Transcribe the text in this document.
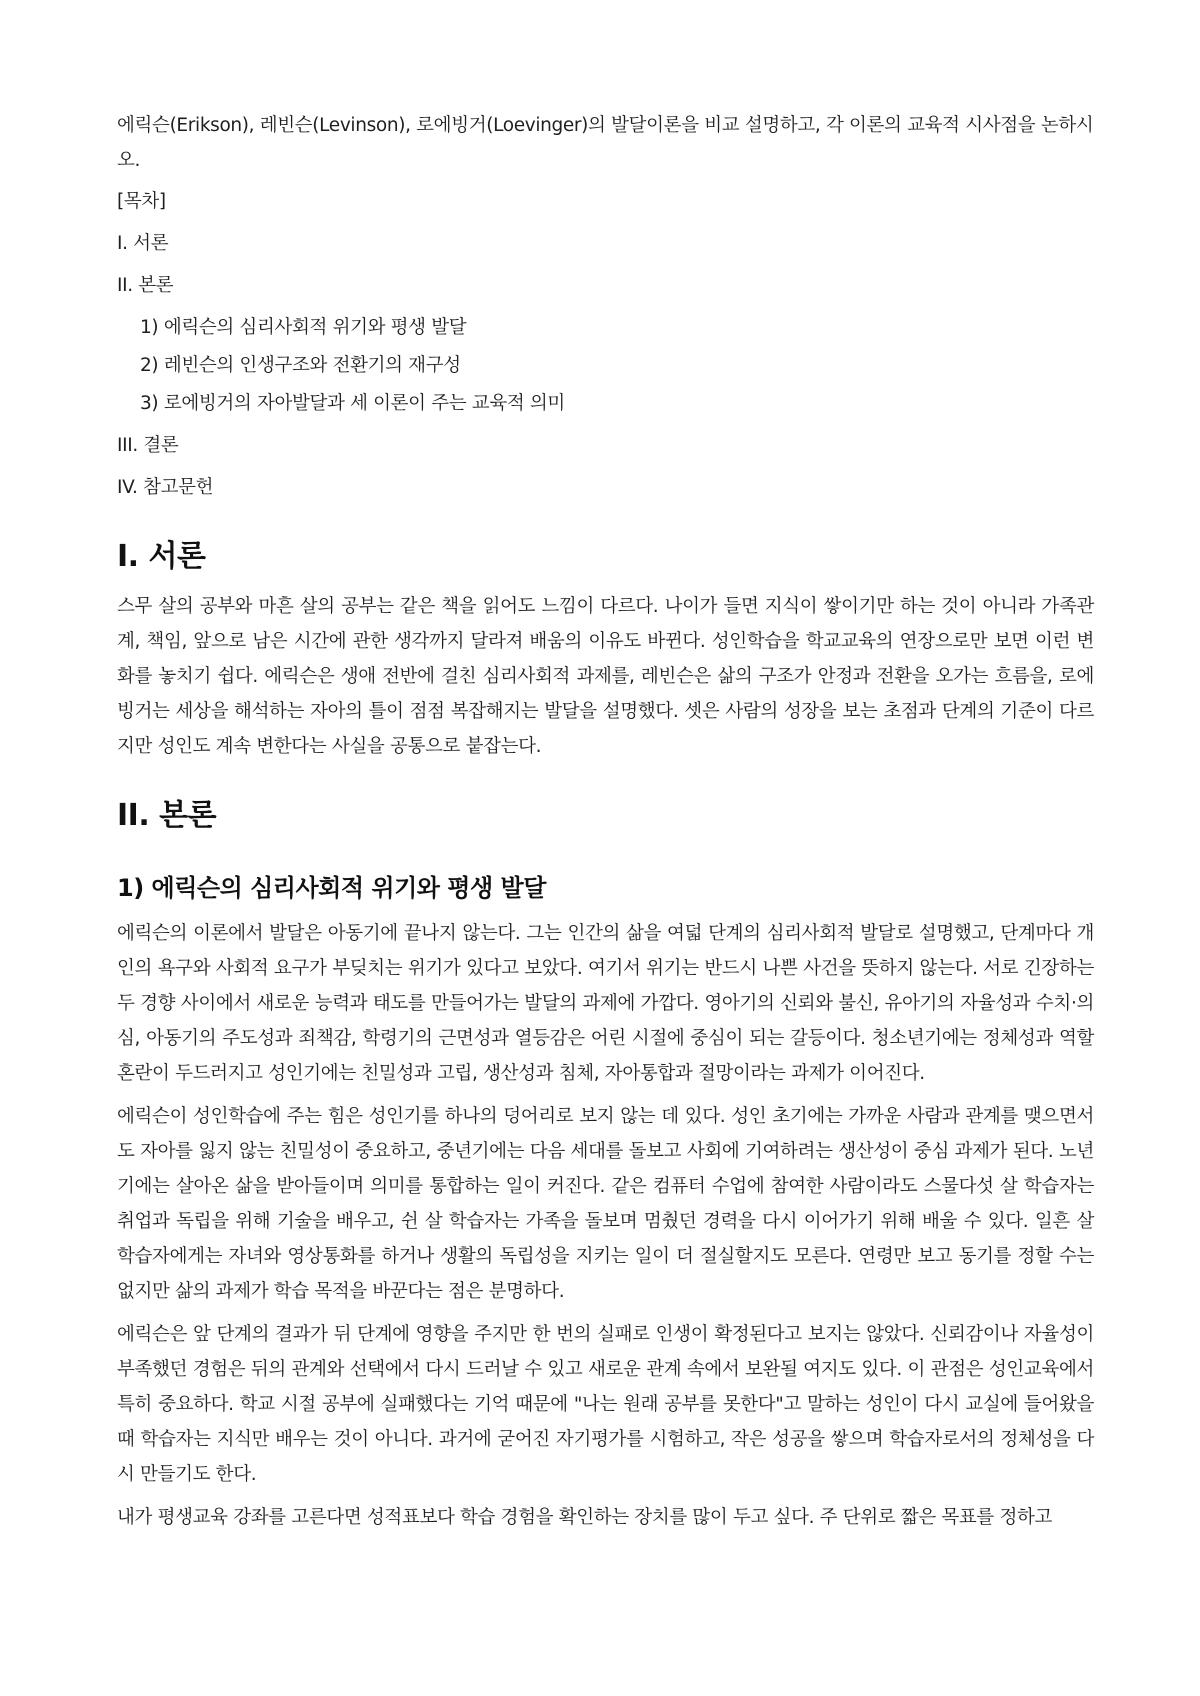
에릭슨(Erikson), 레빈슨(Levinson), 로에빙거(Loevinger)의 발달이론을 비교 설명하고, 각 이론의 교육적 시사점을 논하시오.

[목차]
I. 서론
II. 본론
1) 에릭슨의 심리사회적 위기와 평생 발달
2) 레빈슨의 인생구조와 전환기의 재구성
3) 로에빙거의 자아발달과 세 이론이 주는 교육적 의미
III. 결론
IV. 참고문헌
I. 서론

스무 살의 공부와 마흔 살의 공부는 같은 책을 읽어도 느낌이 다르다. 나이가 들면 지식이 쌓이기만 하는 것이 아니라 가족관계, 책임, 앞으로 남은 시간에 관한 생각까지 달라져 배움의 이유도 바뀐다. 성인학습을 학교교육의 연장으로만 보면 이런 변화를 놓치기 쉽다. 에릭슨은 생애 전반에 걸친 심리사회적 과제를, 레빈슨은 삶의 구조가 안정과 전환을 오가는 흐름을, 로에빙거는 세상을 해석하는 자아의 틀이 점점 복잡해지는 발달을 설명했다. 셋은 사람의 성장을 보는 초점과 단계의 기준이 다르지만 성인도 계속 변한다는 사실을 공통으로 붙잡는다.

II. 본론
1) 에릭슨의 심리사회적 위기와 평생 발달

에릭슨의 이론에서 발달은 아동기에 끝나지 않는다. 그는 인간의 삶을 여덟 단계의 심리사회적 발달로 설명했고, 단계마다 개인의 욕구와 사회적 요구가 부딪치는 위기가 있다고 보았다. 여기서 위기는 반드시 나쁜 사건을 뜻하지 않는다. 서로 긴장하는 두 경향 사이에서 새로운 능력과 태도를 만들어가는 발달의 과제에 가깝다. 영아기의 신뢰와 불신, 유아기의 자율성과 수치·의심, 아동기의 주도성과 죄책감, 학령기의 근면성과 열등감은 어린 시절에 중심이 되는 갈등이다. 청소년기에는 정체성과 역할혼란이 두드러지고 성인기에는 친밀성과 고립, 생산성과 침체, 자아통합과 절망이라는 과제가 이어진다.

에릭슨이 성인학습에 주는 힘은 성인기를 하나의 덩어리로 보지 않는 데 있다. 성인 초기에는 가까운 사람과 관계를 맺으면서도 자아를 잃지 않는 친밀성이 중요하고, 중년기에는 다음 세대를 돌보고 사회에 기여하려는 생산성이 중심 과제가 된다. 노년기에는 살아온 삶을 받아들이며 의미를 통합하는 일이 커진다. 같은 컴퓨터 수업에 참여한 사람이라도 스물다섯 살 학습자는 취업과 독립을 위해 기술을 배우고, 쉰 살 학습자는 가족을 돌보며 멈췄던 경력을 다시 이어가기 위해 배울 수 있다. 일흔 살 학습자에게는 자녀와 영상통화를 하거나 생활의 독립성을 지키는 일이 더 절실할지도 모른다. 연령만 보고 동기를 정할 수는 없지만 삶의 과제가 학습 목적을 바꾼다는 점은 분명하다.

에릭슨은 앞 단계의 결과가 뒤 단계에 영향을 주지만 한 번의 실패로 인생이 확정된다고 보지는 않았다. 신뢰감이나 자율성이 부족했던 경험은 뒤의 관계와 선택에서 다시 드러날 수 있고 새로운 관계 속에서 보완될 여지도 있다. 이 관점은 성인교육에서 특히 중요하다. 학교 시절 공부에 실패했다는 기억 때문에 "나는 원래 공부를 못한다"고 말하는 성인이 다시 교실에 들어왔을 때 학습자는 지식만 배우는 것이 아니다. 과거에 굳어진 자기평가를 시험하고, 작은 성공을 쌓으며 학습자로서의 정체성을 다시 만들기도 한다.

내가 평생교육 강좌를 고른다면 성적표보다 학습 경험을 확인하는 장치를 많이 두고 싶다. 주 단위로 짧은 목표를 정하고
